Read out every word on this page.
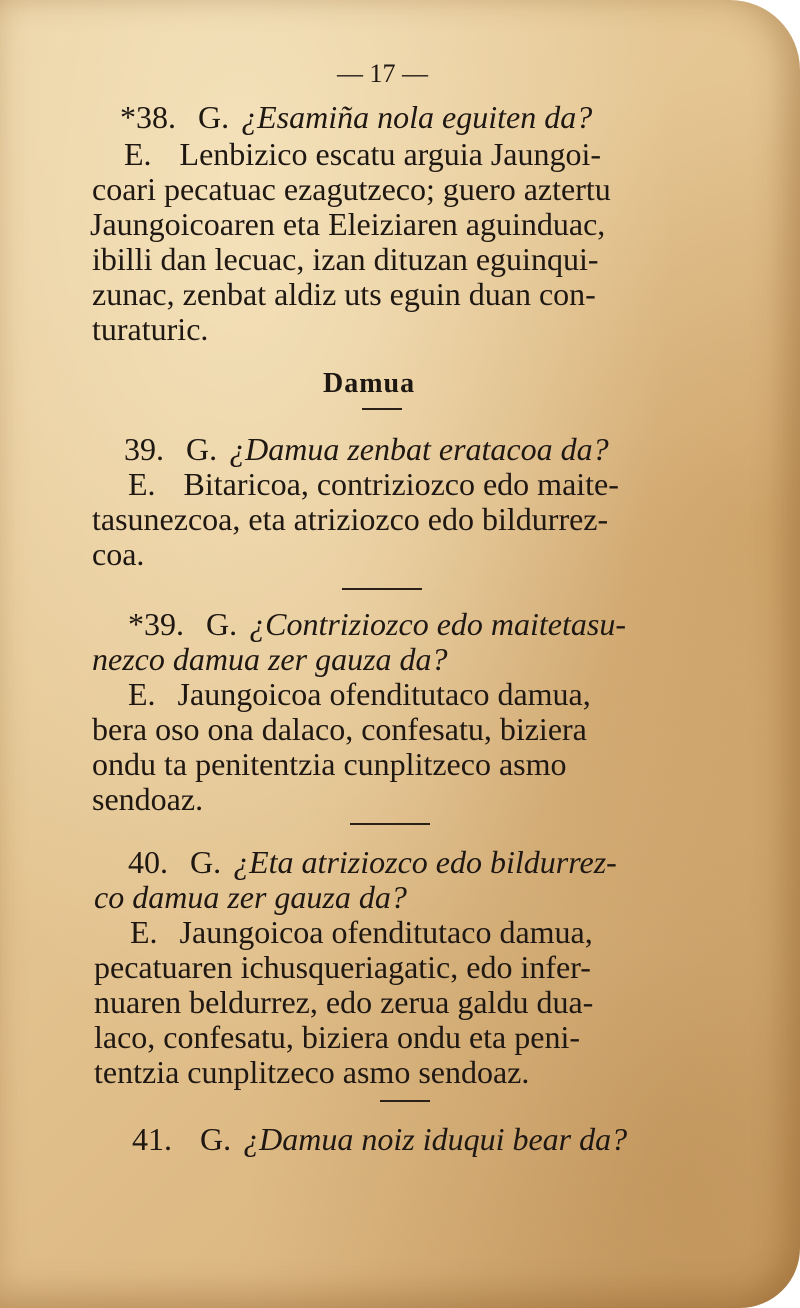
— 17 —
*38. G. ¿Esamiña nola eguiten da?
E. Lenbizico escatu arguia Jaungoi-
coari pecatuac ezagutzeco; guero aztertu
Jaungoicoaren eta Eleiziaren aguinduac,
ibilli dan lecuac, izan dituzan eguinqui-
zunac, zenbat aldiz uts eguin duan con-
turaturic.
Damua
39. G. ¿Damua zenbat eratacoa da?
E. Bitaricoa, contriziozco edo maite-
tasunezcoa, eta atriziozco edo bildurrez-
coa.
*39. G. ¿Contriziozco edo maitetasu-
nezco damua zer gauza da?
E. Jaungoicoa ofenditutaco damua,
bera oso ona dalaco, confesatu, biziera
ondu ta penitentzia cunplitzeco asmo
sendoaz.
40. G. ¿Eta atriziozco edo bildurrez-
co damua zer gauza da?
E. Jaungoicoa ofenditutaco damua,
pecatuaren ichusqueriagatic, edo infer-
nuaren beldurrez, edo zerua galdu dua-
laco, confesatu, biziera ondu eta peni-
tentzia cunplitzeco asmo sendoaz.
41. G. ¿Damua noiz iduqui bear da?
